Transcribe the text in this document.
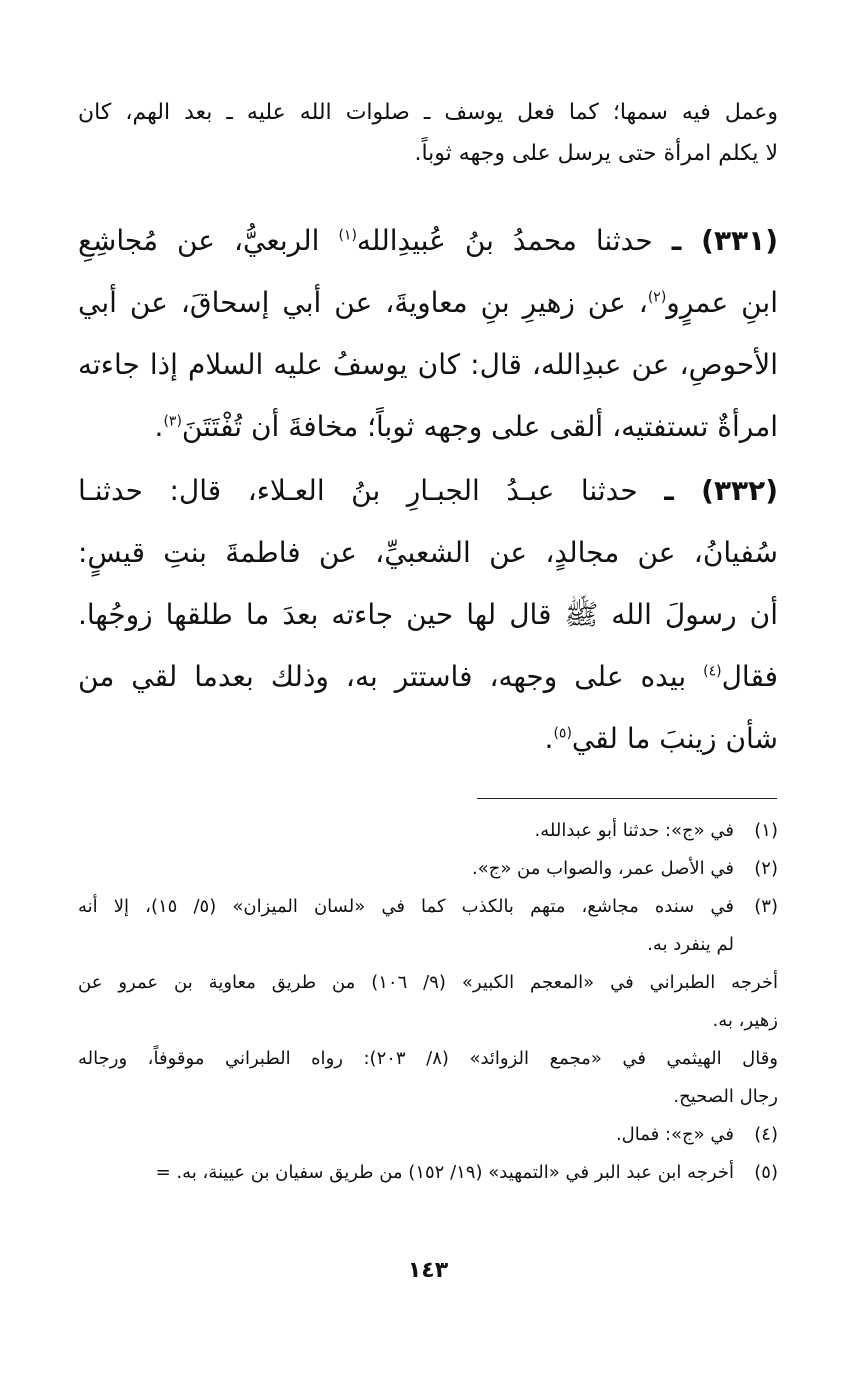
وعمل فيه سمها؛ كما فعل يوسف ـ صلوات الله عليه ـ بعد الهم، كان
لا يكلم امرأة حتى يرسل على وجهه ثوباً.
(٣٣١) ـ حدثنا محمدُ بنُ عُبيدِالله$^{(١)}$ الربعيُّ، عن مُجاشِعِ
ابنِ عمرٍو$^{(٢)}$، عن زهيرِ بنِ معاويةَ، عن أبي إسحاقَ، عن أبي
الأحوصِ، عن عبدِالله، قال: كان يوسفُ عليه السلام إذا جاءته
امرأةٌ تستفتيه، ألقى على وجهه ثوباً؛ مخافةَ أن تُفْتَتَنَ$^{(٣)}$.
(٣٣٢) ـ حدثنا عبـدُ الجبـارِ بنُ العـلاء، قال: حدثنـا
سُفيانُ، عن مجالدٍ، عن الشعبيِّ، عن فاطمةَ بنتِ قيسٍ:
أن رسولَ الله ﷺ قال لها حين جاءته بعدَ ما طلقها زوجُها.
فقال$^{(٤)}$ بيده على وجهه، فاستتر به، وذلك بعدما لقي من
شأن زينبَ ما لقي$^{(٥)}$.
(١)
في «ج»: حدثنا أبو عبدالله.
(٢)
في الأصل عمر، والصواب من «ج».
(٣)
في سنده مجاشع، متهم بالكذب كما في «لسان الميزان» (٥/ ١٥)، إلا أنه
لم ينفرد به.
أخرجه الطبراني في «المعجم الكبير» (٩/ ١٠٦) من طريق معاوية بن عمرو عن
زهير، به.
وقال الهيثمي في «مجمع الزوائد» (٨/ ٢٠٣): رواه الطبراني موقوفاً، ورجاله
رجال الصحيح.
(٤)
في «ج»: فمال.
(٥)
أخرجه ابن عبد البر في «التمهيد» (١٩/ ١٥٢) من طريق سفيان بن عيينة، به. =
١٤٣
